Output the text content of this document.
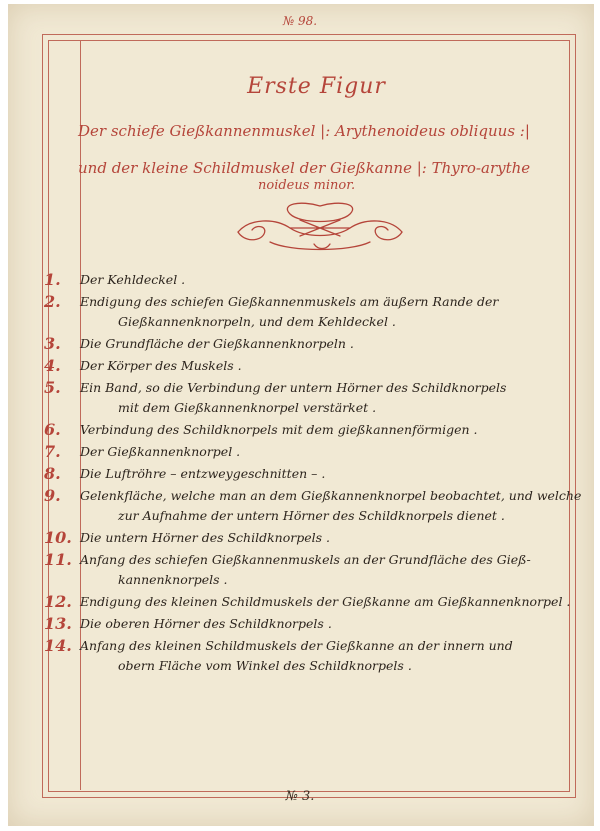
№ 98.
Erste Figur
Der schiefe Gießkannenmuskel |: Arythenoideus obliquus :|
und der kleine Schildmuskel der Gießkanne |: Thyro-arythe
noideus minor.
1.	Der Kehldeckel .
2.	Endigung des schiefen Gießkannenmuskels am äußern Rande der
Gießkannenknorpeln, und dem Kehldeckel .
3.	Die Grundfläche der Gießkannenknorpeln .
4.	Der Körper des Muskels .
5.	Ein Band, so die Verbindung der untern Hörner des Schildknorpels
mit dem Gießkannenknorpel verstärket .
6.	Verbindung des Schildknorpels mit dem gießkannenförmigen .
7.	Der Gießkannenknorpel .
8.	Die Luftröhre – entzweygeschnitten – .
9.	Gelenkfläche, welche man an dem Gießkannenknorpel beobachtet, und welche
zur Aufnahme der untern Hörner des Schildknorpels dienet .
10. Die untern Hörner des Schildknorpels .
11. Anfang des schiefen Gießkannenmuskels an der Grundfläche des Gieß-
kannenknorpels .
12. Endigung des kleinen Schildmuskels der Gießkanne am Gießkannenknorpel .
13. Die oberen Hörner des Schildknorpels .
14. Anfang des kleinen Schildmuskels der Gießkanne an der innern und
obern Fläche vom Winkel des Schildknorpels .
№ 3.
